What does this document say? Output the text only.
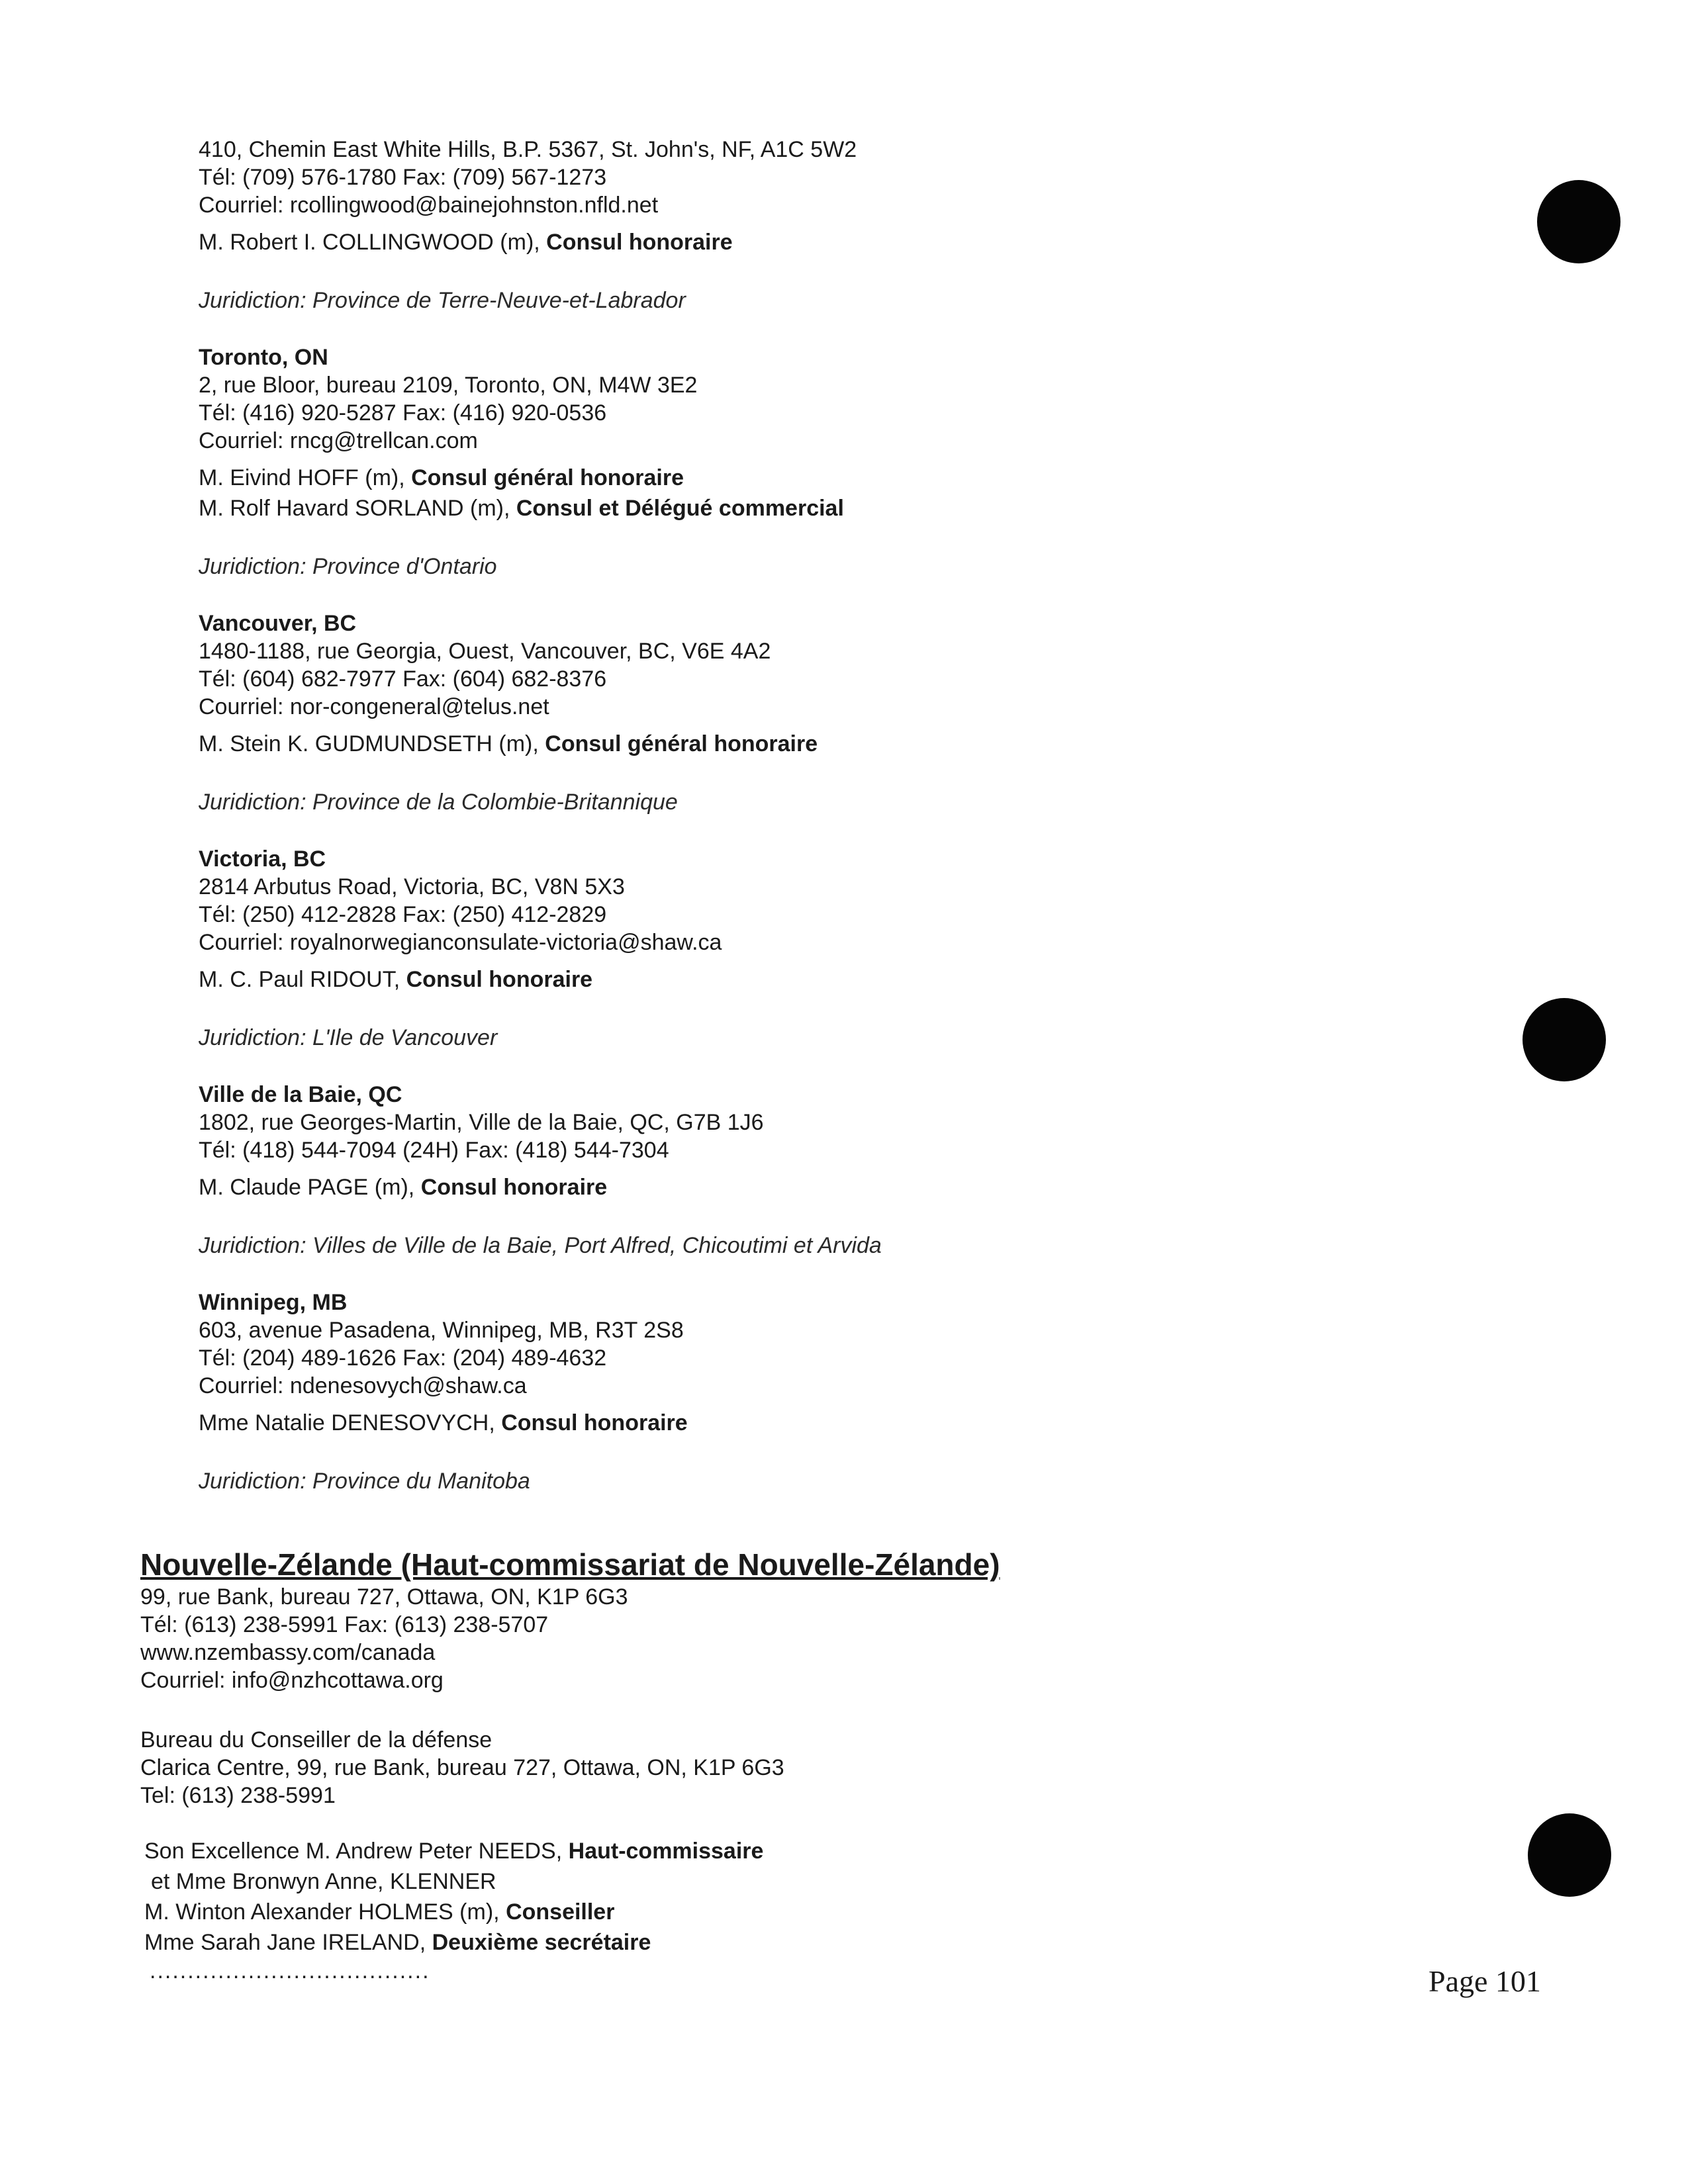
410, Chemin East White Hills, B.P. 5367, St. John's, NF, A1C 5W2
Tél: (709) 576-1780 Fax: (709) 567-1273
Courriel: rcollingwood@bainejohnston.nfld.net
M. Robert I. COLLINGWOOD (m), Consul honoraire
Juridiction: Province de Terre-Neuve-et-Labrador
Toronto, ON
2, rue Bloor, bureau 2109, Toronto, ON, M4W 3E2
Tél: (416) 920-5287 Fax: (416) 920-0536
Courriel: rncg@trellcan.com
M. Eivind HOFF (m), Consul général honoraire
M. Rolf Havard SORLAND (m), Consul et Délégué commercial
Juridiction: Province d'Ontario
Vancouver, BC
1480-1188, rue Georgia, Ouest, Vancouver, BC, V6E 4A2
Tél: (604) 682-7977 Fax: (604) 682-8376
Courriel: nor-congeneral@telus.net
M. Stein K. GUDMUNDSETH (m), Consul général honoraire
Juridiction: Province de la Colombie-Britannique
Victoria, BC
2814 Arbutus Road, Victoria, BC, V8N 5X3
Tél: (250) 412-2828 Fax: (250) 412-2829
Courriel: royalnorwegianconsulate-victoria@shaw.ca
M. C. Paul RIDOUT, Consul honoraire
Juridiction: L'Ile de Vancouver
Ville de la Baie, QC
1802, rue Georges-Martin, Ville de la Baie, QC, G7B 1J6
Tél: (418) 544-7094 (24H) Fax: (418) 544-7304
M. Claude PAGE (m), Consul honoraire
Juridiction: Villes de Ville de la Baie, Port Alfred, Chicoutimi et Arvida
Winnipeg, MB
603, avenue Pasadena, Winnipeg, MB, R3T 2S8
Tél: (204) 489-1626 Fax: (204) 489-4632
Courriel: ndenesovych@shaw.ca
Mme Natalie DENESOVYCH, Consul honoraire
Juridiction: Province du Manitoba
Nouvelle-Zélande (Haut-commissariat de Nouvelle-Zélande)
99, rue Bank, bureau 727, Ottawa, ON, K1P 6G3
Tél: (613) 238-5991 Fax: (613) 238-5707
www.nzembassy.com/canada
Courriel: info@nzhcottawa.org
Bureau du Conseiller de la défense
Clarica Centre, 99, rue Bank, bureau 727, Ottawa, ON, K1P 6G3
Tel: (613) 238-5991
Son Excellence M. Andrew Peter NEEDS, Haut-commissaire
et Mme Bronwyn Anne, KLENNER
M. Winton Alexander HOLMES (m), Conseiller
Mme Sarah Jane IRELAND, Deuxième secrétaire
.....................................	Page 101
